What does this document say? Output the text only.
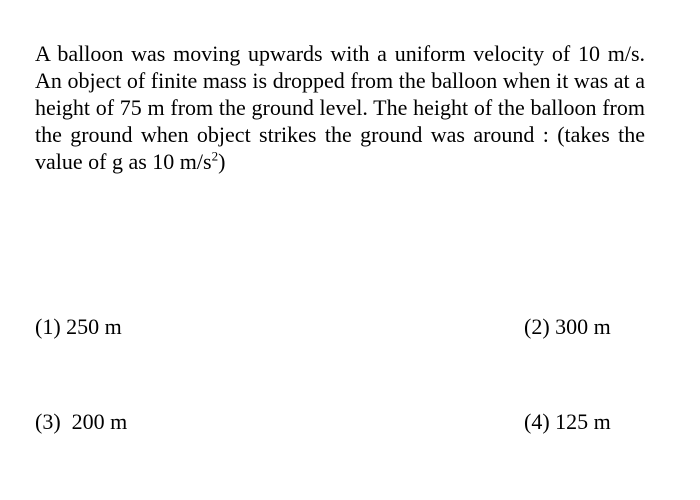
A balloon was moving upwards with a uniform velocity of 10 m/s. An object of finite mass is dropped from the balloon when it was at a height of 75 m from the ground level. The height of the balloon from the ground when object strikes the ground was around : (takes the value of g as 10 $m/s^2$)
(1) 250 m	(2) 300 m
(3)  200 m	(4) 125 m
